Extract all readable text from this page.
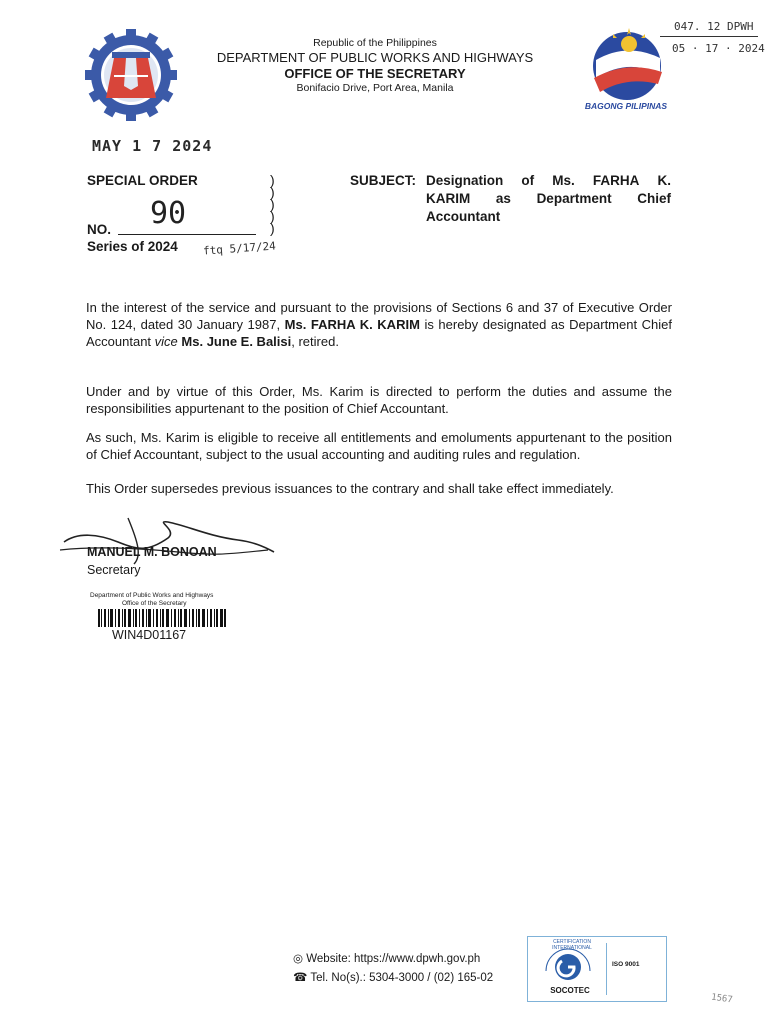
Republic of the Philippines
DEPARTMENT OF PUBLIC WORKS AND HIGHWAYS
OFFICE OF THE SECRETARY
Bonifacio Drive, Port Area, Manila
BAGONG PILIPINAS
047. 12 DPWH
05 · 17 · 2024
MAY 1 7 2024
SPECIAL ORDER
NO. 90
Series of 2024 ftq 5/17/24
)
)
)
)
)
SUBJECT: Designation of Ms. FARHA K.
KARIM as Department Chief
Accountant

In the interest of the service and pursuant to the provisions of Sections 6 and 37 of Executive Order No. 124, dated 30 January 1987, Ms. FARHA K. KARIM is hereby designated as Department Chief Accountant vice Ms. June E. Balisi, retired.

Under and by virtue of this Order, Ms. Karim is directed to perform the duties and assume the responsibilities appurtenant to the position of Chief Accountant.

As such, Ms. Karim is eligible to receive all entitlements and emoluments appurtenant to the position of Chief Accountant, subject to the usual accounting and auditing rules and regulation.

This Order supersedes previous issuances to the contrary and shall take effect immediately.

MANUEL M. BONOAN
Secretary
Department of Public Works and Highways
Office of the Secretary
WIN4D01167
◎ Website: https://www.dpwh.gov.ph
☎ Tel. No(s).: 5304-3000 / (02) 165-02
CERTIFICATION INTERNATIONAL
SOCOTEC
ISO 9001
1567
